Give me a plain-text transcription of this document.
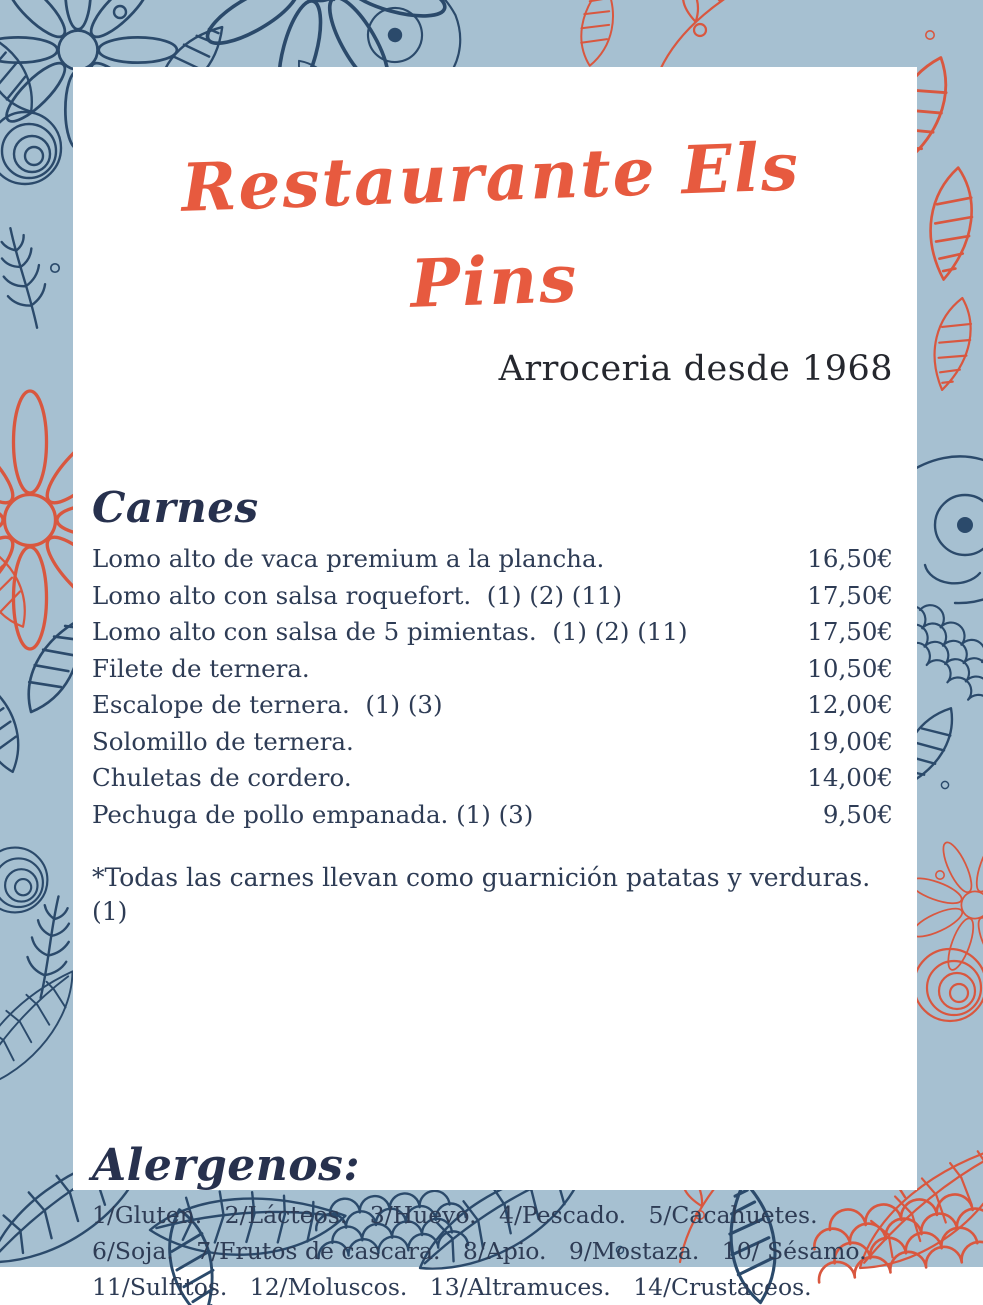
Restaurante Els Pins
Arroceria desde 1968
Carnes
Lomo alto de vaca premium a la plancha.	16,50€
Lomo alto con salsa roquefort.  (1) (2) (11)	17,50€
Lomo alto con salsa de 5 pimientas.  (1) (2) (11)	17,50€
Filete de ternera.	10,50€
Escalope de ternera.  (1) (3)	12,00€
Solomillo de ternera.	19,00€
Chuletas de cordero.	14,00€
Pechuga de pollo empanada. (1) (3)	9,50€
*Todas las carnes llevan como guarnición patatas y verduras. (1)
Alergenos:
1/Gluten.   2/Lácteos.   3/Huevo.   4/Pescado.   5/Cacahuetes.
6/Soja.   7/Frutos de cascara.   8/Apio.   9/Mostaza.   10/ Sésamo.
11/Sulfitos.   12/Moluscos.   13/Altramuces.   14/Crustaceos.
